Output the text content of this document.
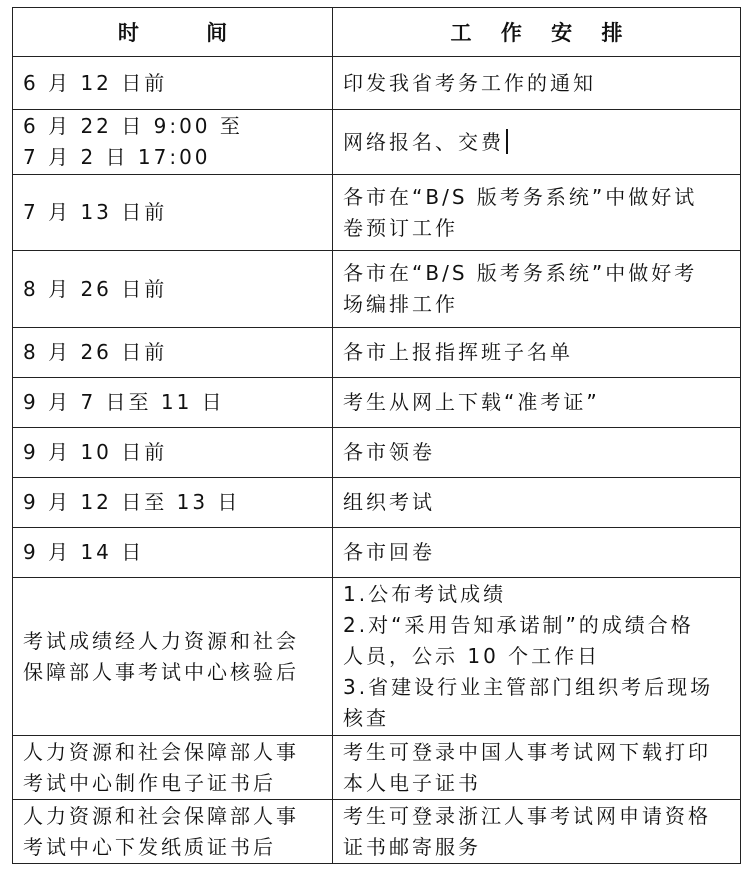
时 间	工 作 安 排

6 月 12 日前	印发我省考务工作的通知

6 月 22 日 9:00 至
7 月 2 日 17:00	网络报名、交费

7 月 13 日前	各市在“B/S 版考务系统”中做好试
卷预订工作

8 月 26 日前	各市在“B/S 版考务系统”中做好考
场编排工作

8 月 26 日前	各市上报指挥班子名单

9 月 7 日至 11 日	考生从网上下载“准考证”

9 月 10 日前	各市领卷

9 月 12 日至 13 日	组织考试

9 月 14 日	各市回卷

考试成绩经人力资源和社会
保障部人事考试中心核验后	1.公布考试成绩
2.对“采用告知承诺制”的成绩合格
人员，公示 10 个工作日
3.省建设行业主管部门组织考后现场
核查

人力资源和社会保障部人事
考试中心制作电子证书后	考生可登录中国人事考试网下载打印
本人电子证书

人力资源和社会保障部人事
考试中心下发纸质证书后	考生可登录浙江人事考试网申请资格
证书邮寄服务
